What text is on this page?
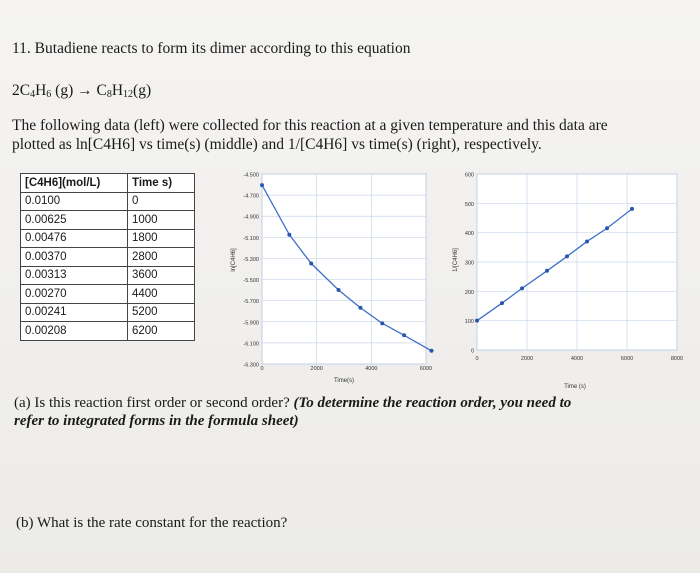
11. Butadiene reacts to form its dimer according to this equation
$2C_4H_6$ $(g) \to C_8H_{12}(g)$
The following data (left) were collected for this reaction at a given temperature and this data are
plotted as ln[C4H6] vs time(s) (middle) and 1/[C4H6] vs time(s) (right), respectively.
[C4H6](mol/L)	Time s)
0.0100	0
0.00625	1000
0.00476	1800
0.00370	2800
0.00313	3600
0.00270	4400
0.00241	5200
0.00208	6200
-4.500
-4.700
-4.900
-5.100
-5.300
-5.500
-5.700
-5.900
-6.100
-6.300
0	2000	4000	6000
Time(s)
ln[C4H6]
0
100
200
300
400
500
600
0	2000	4000	6000	8000
Time (s)
1/[C4H6]
(a) Is this reaction first order or second order? (To determine the reaction order, you need to
refer to integrated forms in the formula sheet)
(b) What is the rate constant for the reaction?
